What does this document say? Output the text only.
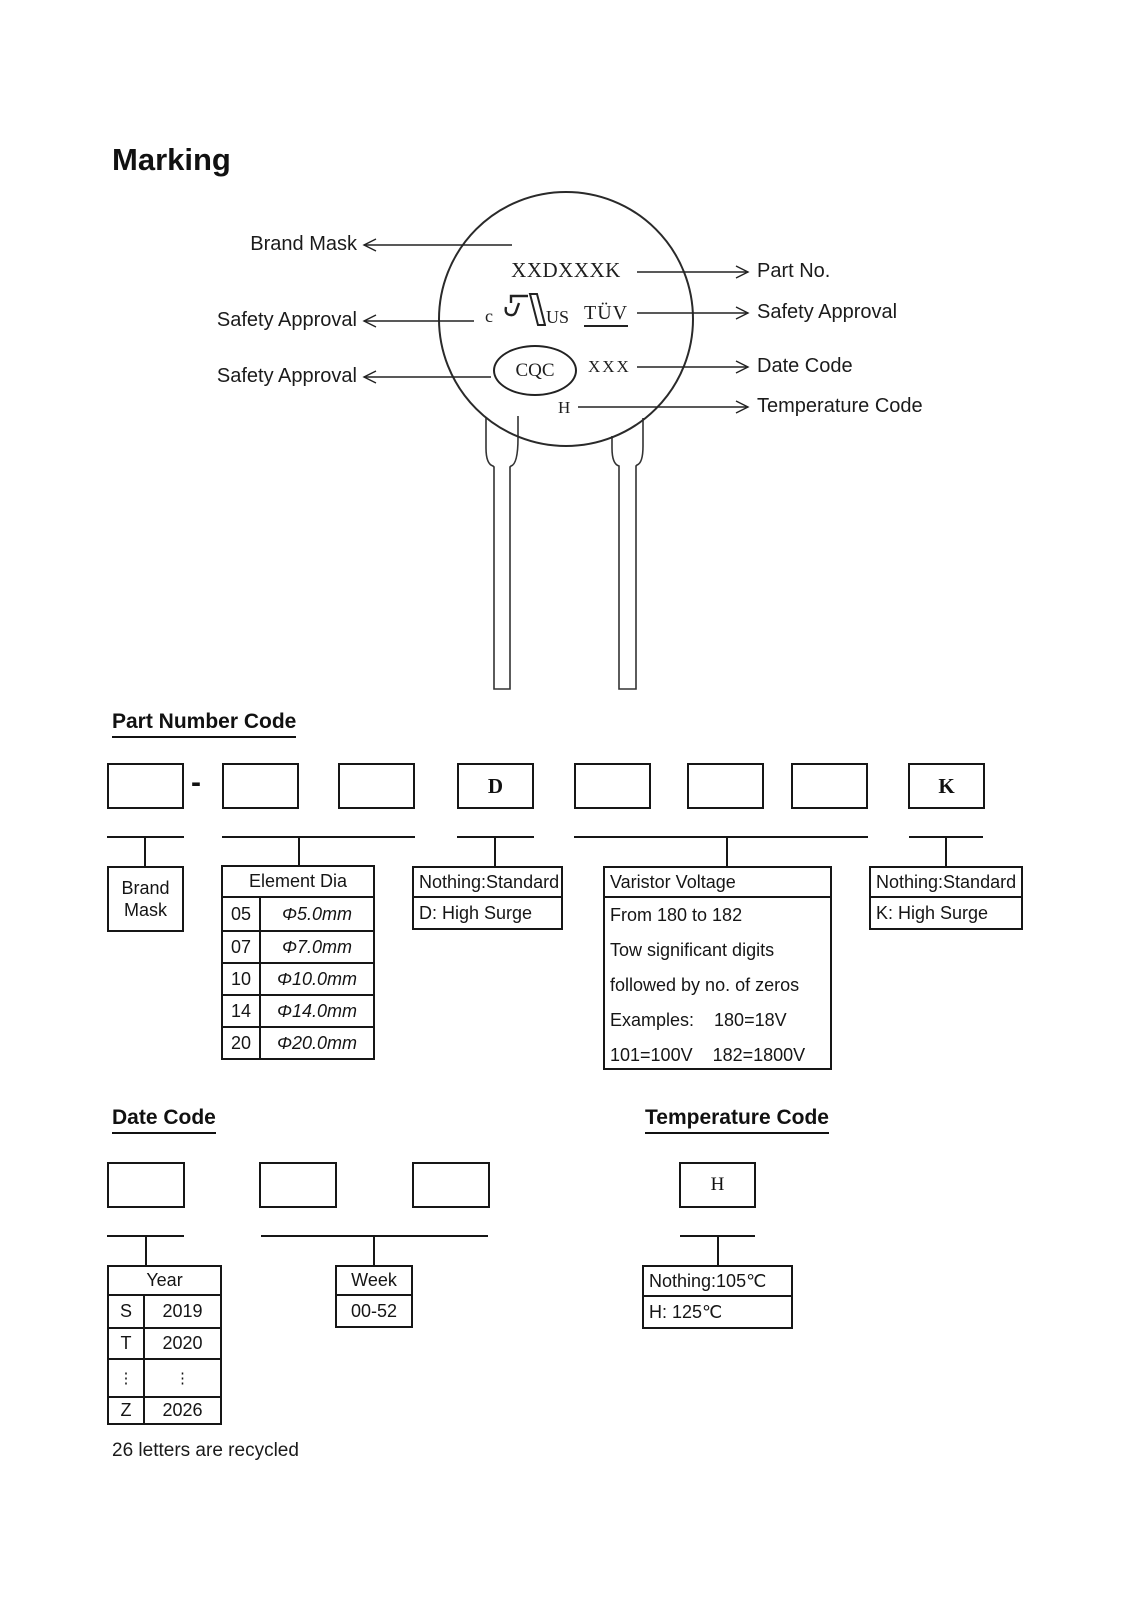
Marking
XXDXXXK
c	US TÜV
CQC XXX
H
Brand Mask
Safety Approval
Safety Approval
Part No.
Safety Approval
Date Code
Temperature Code
Part Number Code
-	D	K
Brand
Mask
Element Dia
05	Φ5.0mm
07	Φ7.0mm
10	Φ10.0mm
14	Φ14.0mm
20	Φ20.0mm
Nothing:Standard
D: High Surge
Varistor Voltage
From 180 to 182
Tow significant digits
followed by no. of zeros
Examples:    180=18V
101=100V    182=1800V
Nothing:Standard
K: High Surge
Date Code
Year
S	2019
T	2020
⋮	⋮
Z	2026
Week
00-52
26 letters are recycled
Temperature Code
H
Nothing:105℃
H: 125℃
